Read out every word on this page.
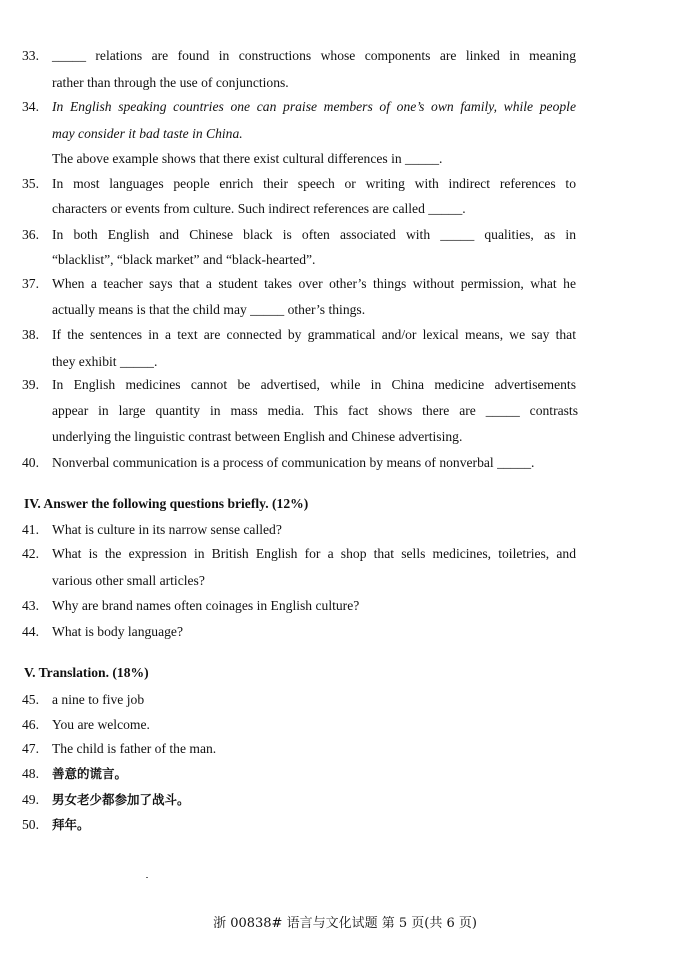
33. _____ relations are found in constructions whose components are linked in meaning
rather than through the use of conjunctions.
34. In English speaking countries one can praise members of one’s own family, while people
may consider it bad taste in China.
The above example shows that there exist cultural differences in _____.
35. In most languages people enrich their speech or writing with indirect references to
characters or events from culture. Such indirect references are called _____.
36. In both English and Chinese black is often associated with _____ qualities, as in
“blacklist”, “black market” and “black-hearted”.
37. When a teacher says that a student takes over other’s things without permission, what he
actually means is that the child may _____ other’s things.
38. If the sentences in a text are connected by grammatical and/or lexical means, we say that
they exhibit _____.
39. In English medicines cannot be advertised, while in China medicine advertisements
appear in large quantity in mass media. This fact shows there are _____ contrasts
underlying the linguistic contrast between English and Chinese advertising.
40. Nonverbal communication is a process of communication by means of nonverbal _____.
IV. Answer the following questions briefly. (12%)
41. What is culture in its narrow sense called?
42. What is the expression in British English for a shop that sells medicines, toiletries, and
various other small articles?
43. Why are brand names often coinages in English culture?
44. What is body language?
V. Translation. (18%)
45. a nine to five job
46. You are welcome.
47. The child is father of the man.
48. 善意的谎言。
49. 男女老少都参加了战斗。
50. 拜年。
浙 00838# 语言与文化试题 第 5 页(共 6 页)
